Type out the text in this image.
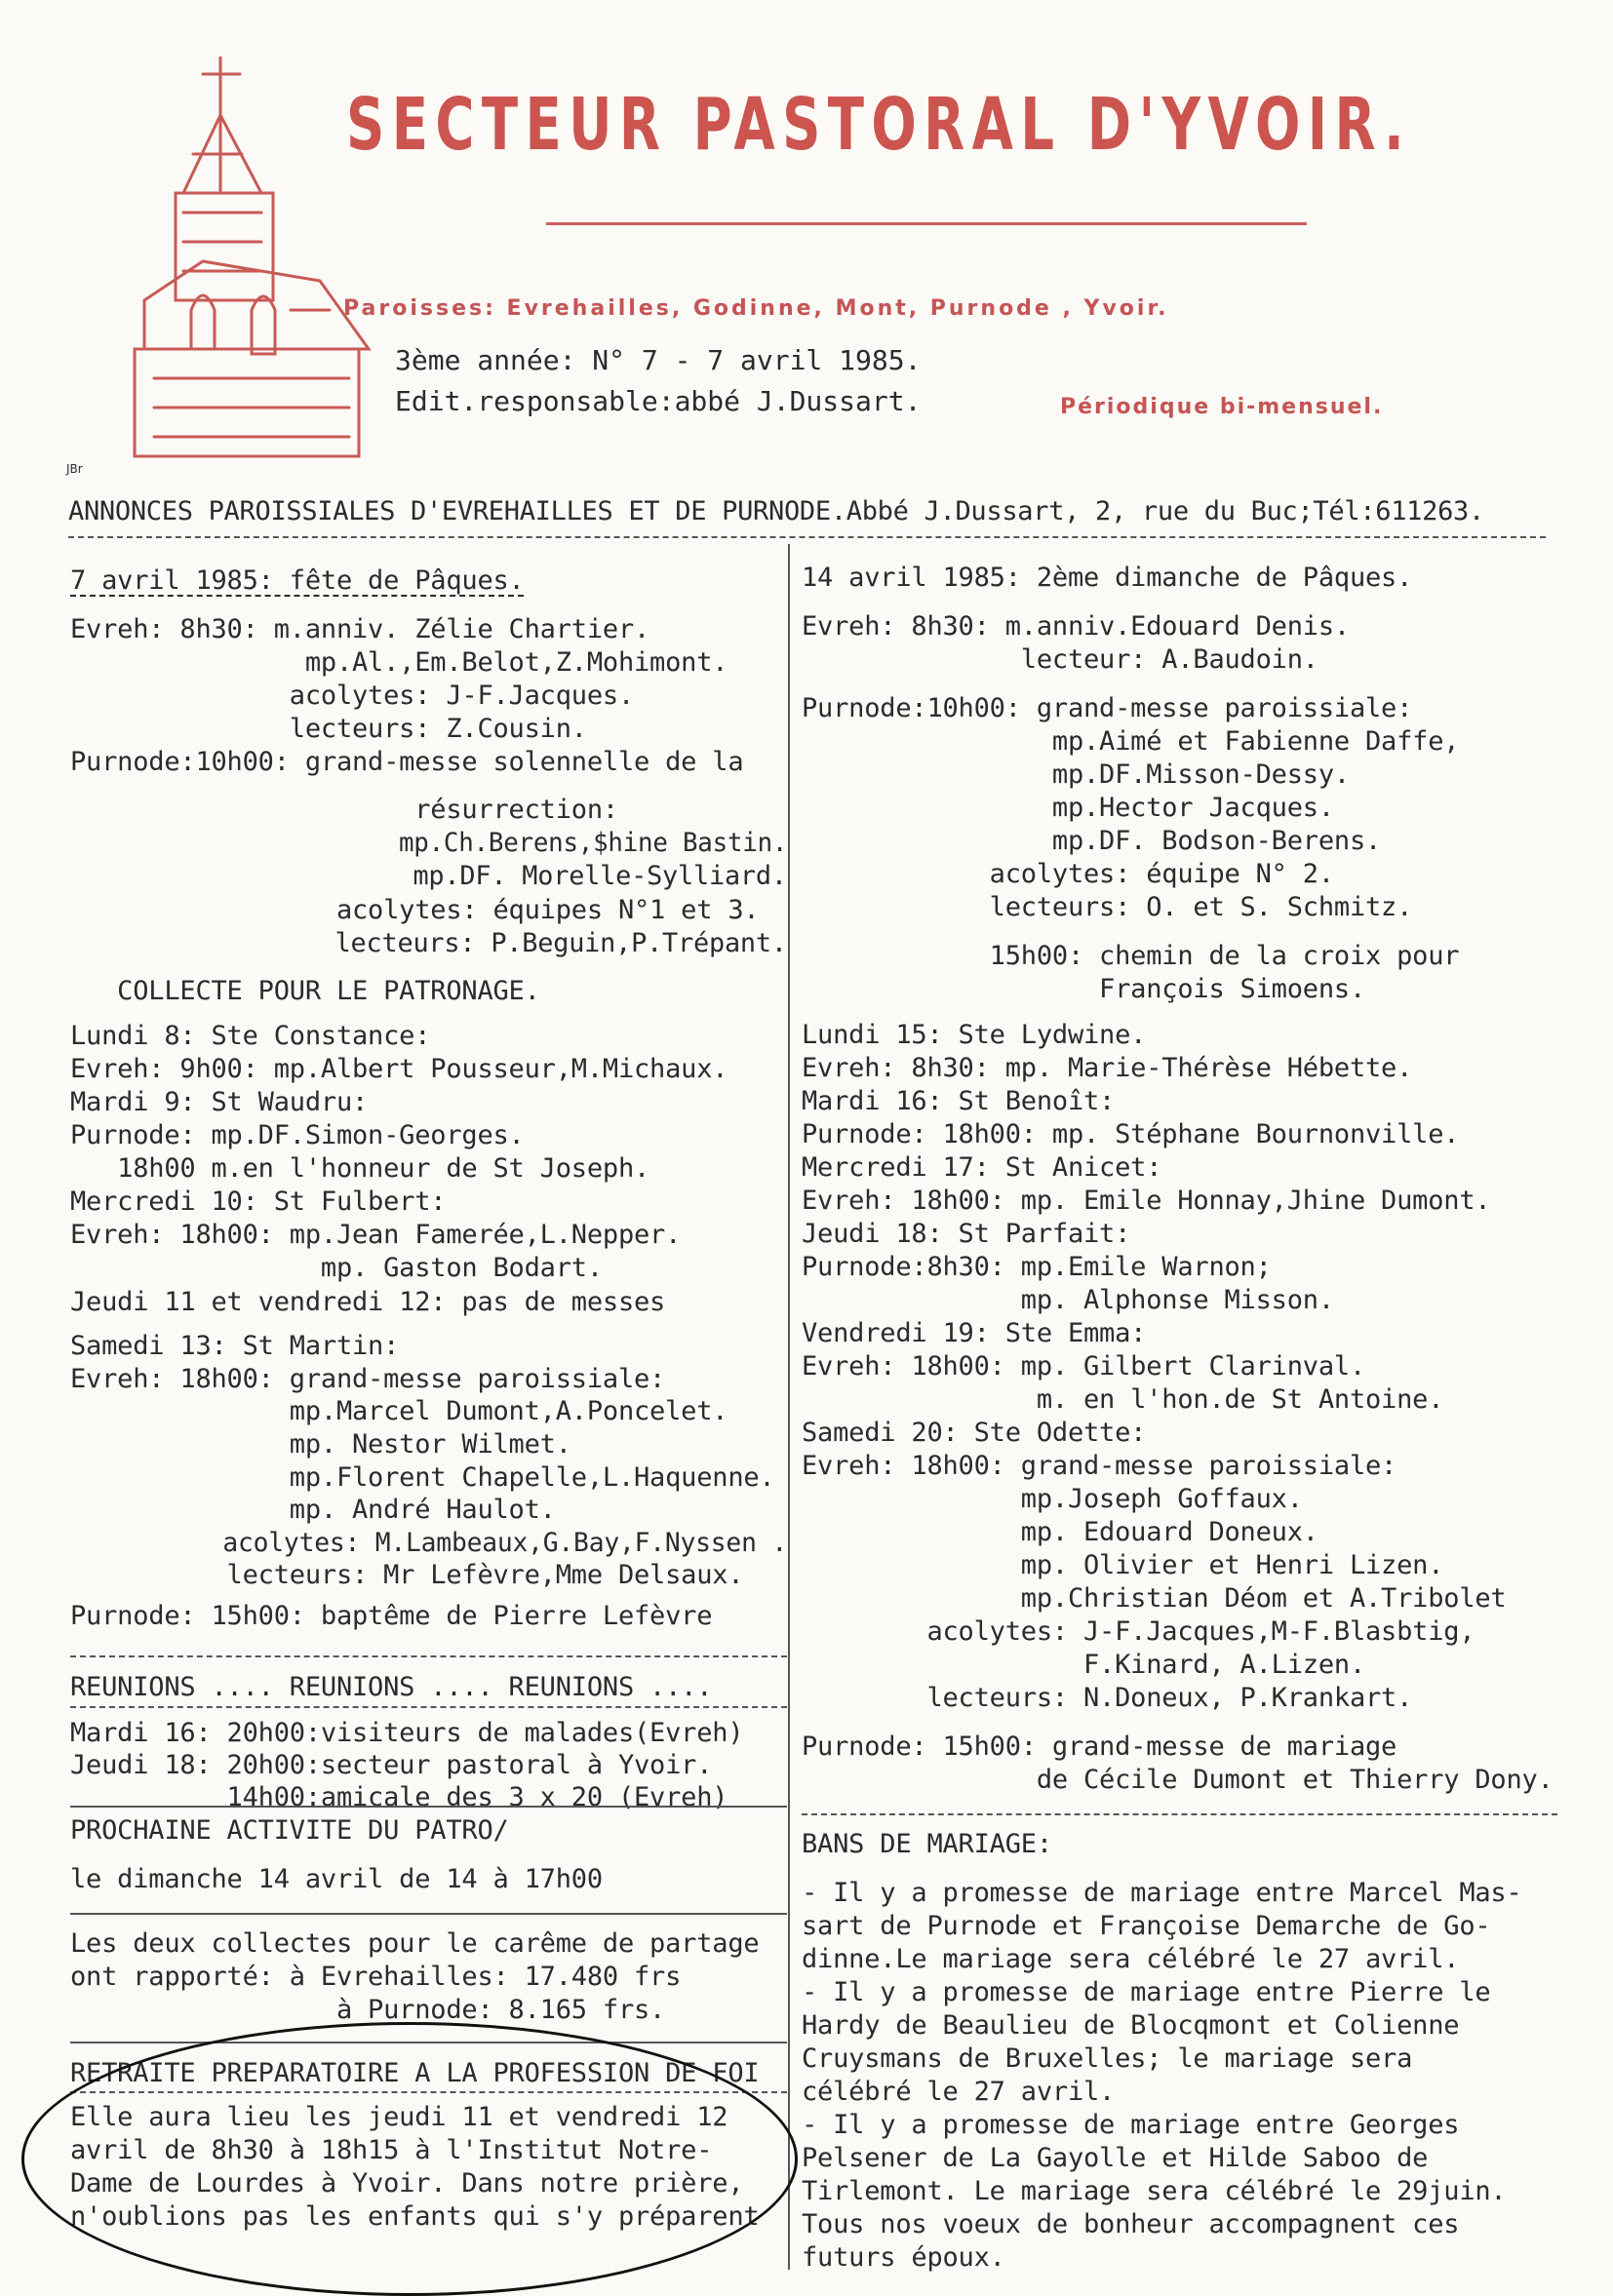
SECTEUR PASTORAL D'YVOIR.
Paroisses: Evrehailles, Godinne, Mont, Purnode , Yvoir.
3ème année: N° 7 - 7 avril 1985.
Edit.responsable:abbé J.Dussart.	Périodique bi-mensuel.
JBr
ANNONCES PAROISSIALES D'EVREHAILLES ET DE PURNODE.Abbé J.Dussart, 2, rue du Buc;Tél:611263.
7 avril 1985: fête de Pâques.
Evreh: 8h30: m.anniv. Zélie Chartier.
mp.Al.,Em.Belot,Z.Mohimont.
acolytes: J-F.Jacques.
lecteurs: Z.Cousin.
Purnode:10h00: grand-messe solennelle de la
résurrection:
mp.Ch.Berens,$hine Bastin.
mp.DF. Morelle-Sylliard.
acolytes: équipes N°1 et 3.
lecteurs: P.Beguin,P.Trépant.
COLLECTE POUR LE PATRONAGE.
Lundi 8: Ste Constance:
Evreh: 9h00: mp.Albert Pousseur,M.Michaux.
Mardi 9: St Waudru:
Purnode: mp.DF.Simon-Georges.
18h00 m.en l'honneur de St Joseph.
Mercredi 10: St Fulbert:
Evreh: 18h00: mp.Jean Famerée,L.Nepper.
mp. Gaston Bodart.
Jeudi 11 et vendredi 12: pas de messes
Samedi 13: St Martin:
Evreh: 18h00: grand-messe paroissiale:
mp.Marcel Dumont,A.Poncelet.
mp. Nestor Wilmet.
mp.Florent Chapelle,L.Haquenne.
mp. André Haulot.
acolytes: M.Lambeaux,G.Bay,F.Nyssen .
lecteurs: Mr Lefèvre,Mme Delsaux.
Purnode: 15h00: baptême de Pierre Lefèvre
REUNIONS .... REUNIONS .... REUNIONS ....
Mardi 16: 20h00:visiteurs de malades(Evreh)
Jeudi 18: 20h00:secteur pastoral à Yvoir.
14h00:amicale des 3 x 20 (Evreh)
PROCHAINE ACTIVITE DU PATRO/
le dimanche 14 avril de 14 à 17h00
Les deux collectes pour le carême de partage
ont rapporté: à Evrehailles: 17.480 frs
à Purnode: 8.165 frs.
RETRAITE PREPARATOIRE A LA PROFESSION DE FOI
Elle aura lieu les jeudi 11 et vendredi 12
avril de 8h30 à 18h15 à l'Institut Notre-
Dame de Lourdes à Yvoir. Dans notre prière,
n'oublions pas les enfants qui s'y préparent
14 avril 1985: 2ème dimanche de Pâques.
Evreh: 8h30: m.anniv.Edouard Denis.
lecteur: A.Baudoin.
Purnode:10h00: grand-messe paroissiale:
mp.Aimé et Fabienne Daffe,
mp.DF.Misson-Dessy.
mp.Hector Jacques.
mp.DF. Bodson-Berens.
acolytes: équipe N° 2.
lecteurs: O. et S. Schmitz.
15h00: chemin de la croix pour
François Simoens.
Lundi 15: Ste Lydwine.
Evreh: 8h30: mp. Marie-Thérèse Hébette.
Mardi 16: St Benoît:
Purnode: 18h00: mp. Stéphane Bournonville.
Mercredi 17: St Anicet:
Evreh: 18h00: mp. Emile Honnay,Jhine Dumont.
Jeudi 18: St Parfait:
Purnode:8h30: mp.Emile Warnon;
mp. Alphonse Misson.
Vendredi 19: Ste Emma:
Evreh: 18h00: mp. Gilbert Clarinval.
m. en l'hon.de St Antoine.
Samedi 20: Ste Odette:
Evreh: 18h00: grand-messe paroissiale:
mp.Joseph Goffaux.
mp. Edouard Doneux.
mp. Olivier et Henri Lizen.
mp.Christian Déom et A.Tribolet
acolytes: J-F.Jacques,M-F.Blasbtig,
F.Kinard, A.Lizen.
lecteurs: N.Doneux, P.Krankart.
Purnode: 15h00: grand-messe de mariage
de Cécile Dumont et Thierry Dony.
BANS DE MARIAGE:
- Il y a promesse de mariage entre Marcel Mas-
sart de Purnode et Françoise Demarche de Go-
dinne.Le mariage sera célébré le 27 avril.
- Il y a promesse de mariage entre Pierre le
Hardy de Beaulieu de Blocqmont et Colienne
Cruysmans de Bruxelles; le mariage sera
célébré le 27 avril.
- Il y a promesse de mariage entre Georges
Pelsener de La Gayolle et Hilde Saboo de
Tirlemont. Le mariage sera célébré le 29juin.
Tous nos voeux de bonheur accompagnent ces
futurs époux.
